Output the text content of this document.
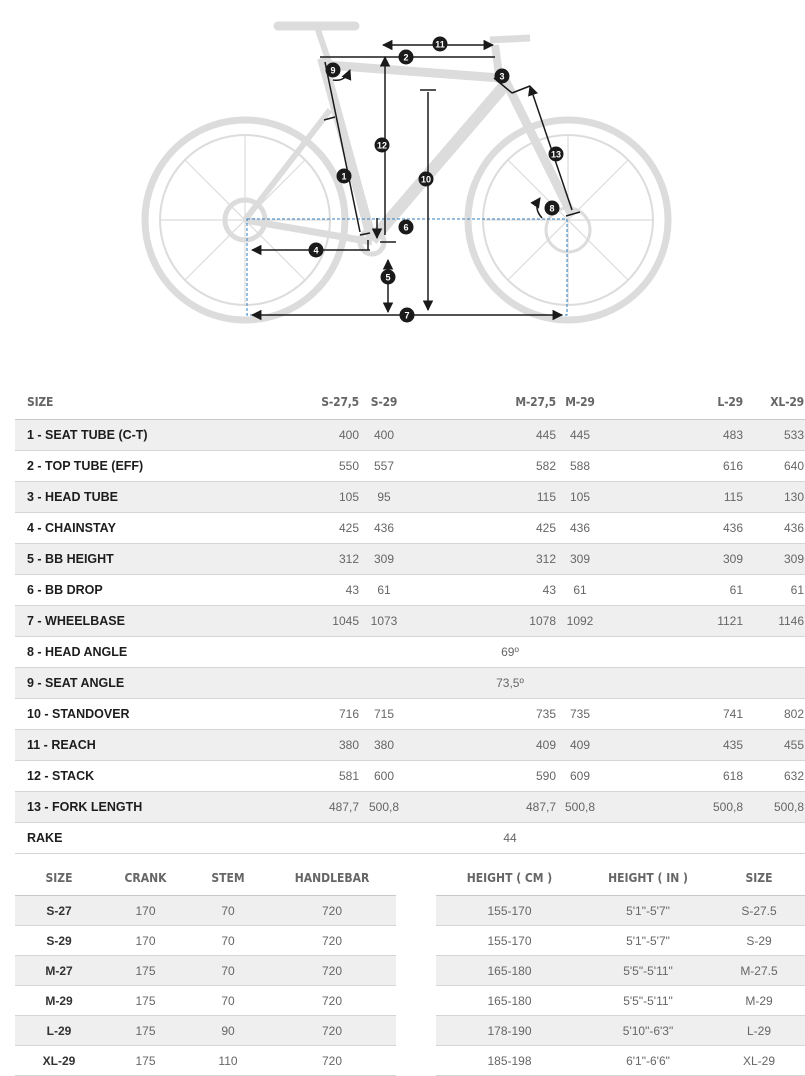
1
2
3
4
5
6
7
8
9
10
11
12
13
SIZE	S-27,5	S-29	M-27,5	M-29	L-29	XL-29
1 - SEAT TUBE (C-T)	400	400	445	445	483	533
2 - TOP TUBE (EFF)	550	557	582	588	616	640
3 - HEAD TUBE	105	95	115	105	115	130
4 - CHAINSTAY	425	436	425	436	436	436
5 - BB HEIGHT	312	309	312	309	309	309
6 - BB DROP	43	61	43	61	61	61
7 - WHEELBASE	1045	1073	1078	1092	1121	1146
8 - HEAD ANGLE	69º					
9 - SEAT ANGLE	73,5º					
10 - STANDOVER	716	715	735	735	741	802
11 - REACH	380	380	409	409	435	455
12 - STACK	581	600	590	609	618	632
13 - FORK LENGTH	487,7	500,8	487,7	500,8	500,8	500,8
RAKE	44					
SIZE	CRANK	STEM	HANDLEBAR
S-27	170	70	720
S-29	170	70	720
M-27	175	70	720
M-29	175	70	720
L-29	175	90	720
XL-29	175	110	720
HEIGHT ( CM )	HEIGHT ( IN )	SIZE
155-170	5'1"-5'7"	S-27.5
155-170	5'1"-5'7"	S-29
165-180	5'5"-5'11"	M-27.5
165-180	5'5"-5'11"	M-29
178-190	5'10"-6'3"	L-29
185-198	6'1"-6'6"	XL-29
